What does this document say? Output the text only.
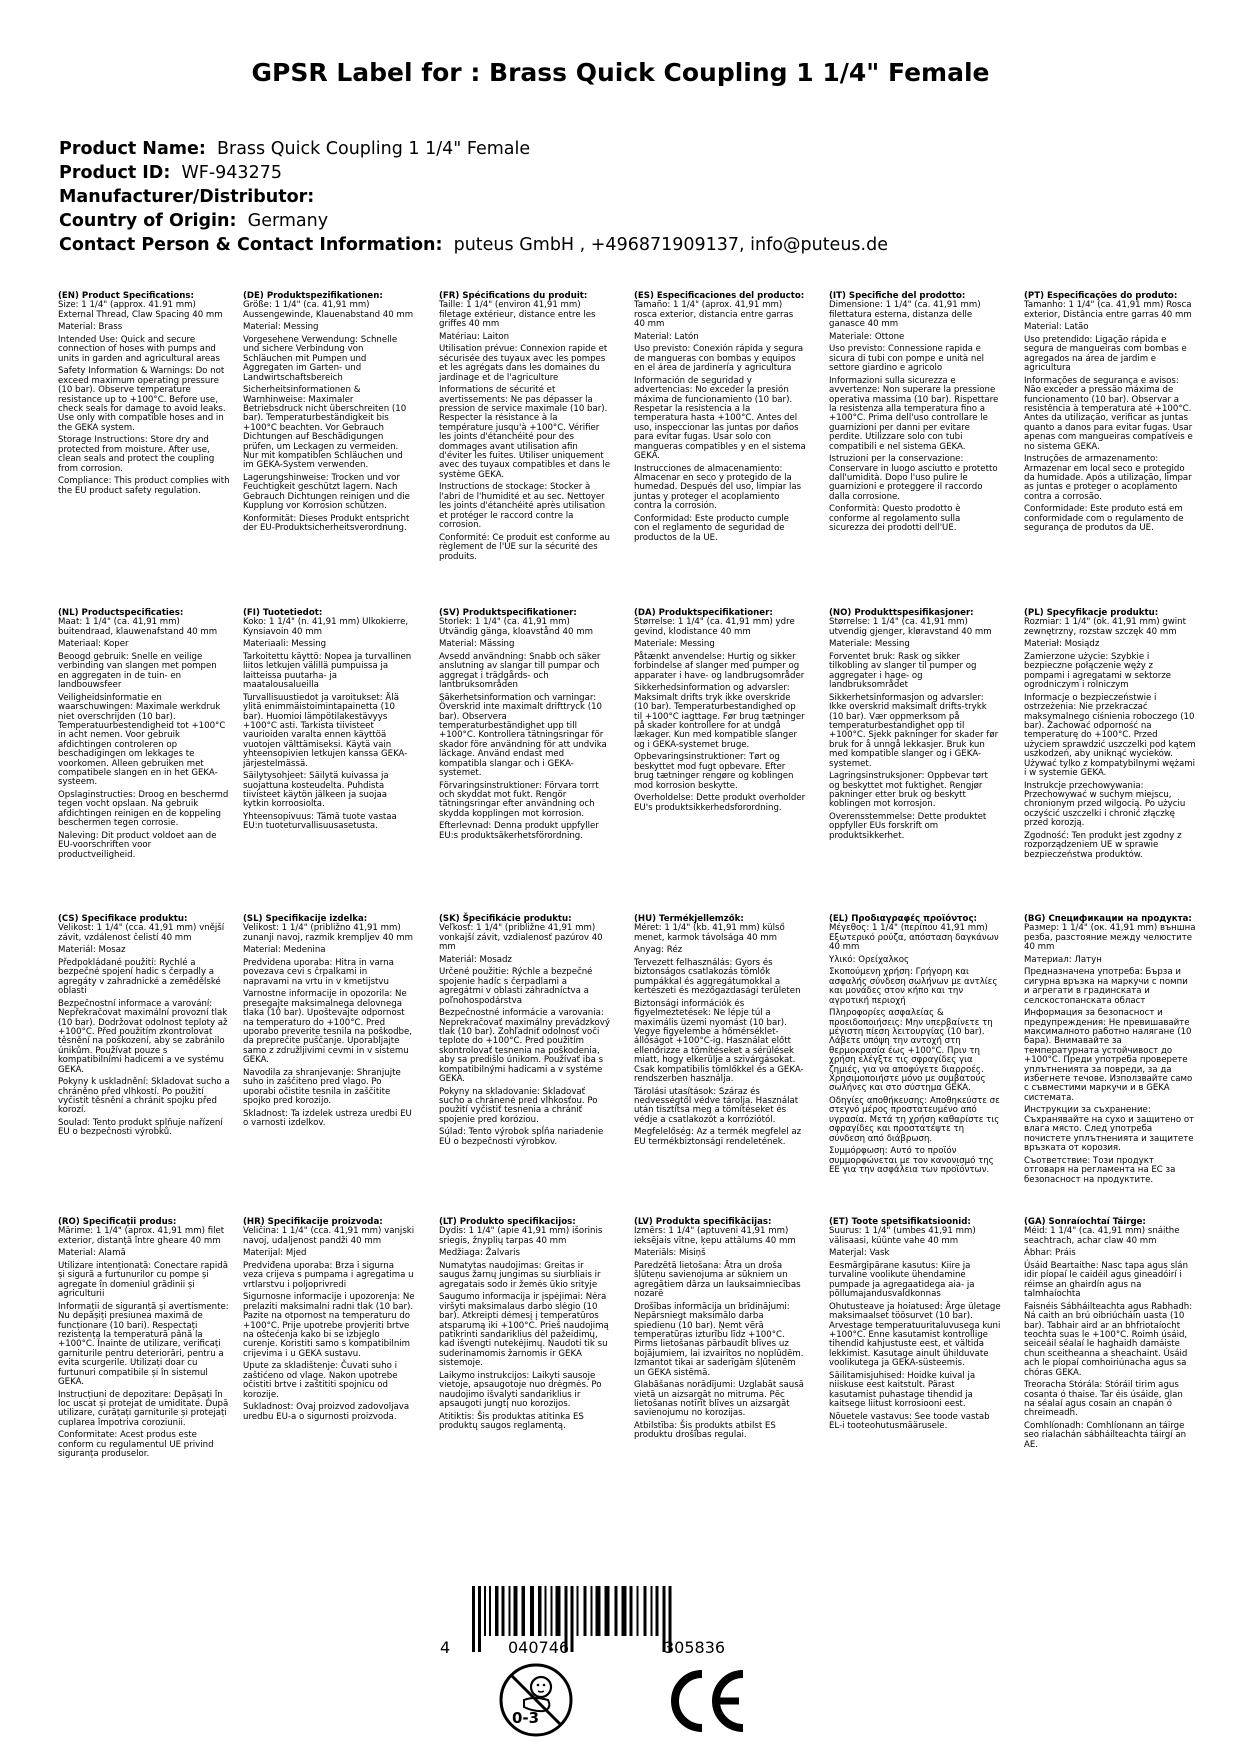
GPSR Label for : Brass Quick Coupling 1 1/4" Female
Product Name: Brass Quick Coupling 1 1/4" Female
Product ID: WF-943275
Manufacturer/Distributor:
Country of Origin: Germany
Contact Person & Contact Information: puteus GmbH , +496871909137, info@puteus.de
(EN) Product Specifications:

Size: 1 1/4" (approx. 41.91 mm) External Thread, Claw Spacing 40 mm

Material: Brass

Intended Use: Quick and secure connection of hoses with pumps and units in garden and agricultural areas

Safety Information & Warnings: Do not exceed maximum operating pressure (10 bar). Observe temperature resistance up to +100°C. Before use, check seals for damage to avoid leaks. Use only with compatible hoses and in the GEKA system.

Storage Instructions: Store dry and protected from moisture. After use, clean seals and protect the coupling from corrosion.

Compliance: This product complies with the EU product safety regulation.

(DE) Produktspezifikationen:

Größe: 1 1/4" (ca. 41,91 mm) Aussengewinde, Klauenabstand 40 mm

Material: Messing

Vorgesehene Verwendung: Schnelle und sichere Verbindung von Schläuchen mit Pumpen und Aggregaten im Garten- und Landwirtschaftsbereich

Sicherheitsinformationen & Warnhinweise: Maximaler Betriebsdruck nicht überschreiten (10 bar). Temperaturbeständigkeit bis +100°C beachten. Vor Gebrauch Dichtungen auf Beschädigungen prüfen, um Leckagen zu vermeiden. Nur mit kompatiblen Schläuchen und im GEKA-System verwenden.

Lagerungshinweise: Trocken und vor Feuchtigkeit geschützt lagern. Nach Gebrauch Dichtungen reinigen und die Kupplung vor Korrosion schützen.

Konformität: Dieses Produkt entspricht der EU-Produktsicherheitsverordnung.

(FR) Spécifications du produit:

Taille: 1 1/4" (environ 41,91 mm) filetage extérieur, distance entre les griffes 40 mm

Matériau: Laiton

Utilisation prévue: Connexion rapide et sécurisée des tuyaux avec les pompes et les agrégats dans les domaines du jardinage et de l'agriculture

Informations de sécurité et avertissements: Ne pas dépasser la pression de service maximale (10 bar). Respecter la résistance à la température jusqu'à +100°C. Vérifier les joints d'étanchéité pour des dommages avant utilisation afin d'éviter les fuites. Utiliser uniquement avec des tuyaux compatibles et dans le système GEKA.

Instructions de stockage: Stocker à l'abri de l'humidité et au sec. Nettoyer les joints d'étanchéité après utilisation et protéger le raccord contre la corrosion.

Conformité: Ce produit est conforme au règlement de l'UE sur la sécurité des produits.

(ES) Especificaciones del producto:

Tamaño: 1 1/4" (aprox. 41,91 mm) rosca exterior, distancia entre garras 40 mm

Material: Latón

Uso previsto: Conexión rápida y segura de mangueras con bombas y equipos en el área de jardinería y agricultura

Información de seguridad y advertencias: No exceder la presión máxima de funcionamiento (10 bar). Respetar la resistencia a la temperatura hasta +100°C. Antes del uso, inspeccionar las juntas por daños para evitar fugas. Usar solo con mangueras compatibles y en el sistema GEKA.

Instrucciones de almacenamiento: Almacenar en seco y protegido de la humedad. Después del uso, limpiar las juntas y proteger el acoplamiento contra la corrosión.

Conformidad: Este producto cumple con el reglamento de seguridad de productos de la UE.

(IT) Specifiche del prodotto:

Dimensione: 1 1/4" (ca. 41,91 mm) filettatura esterna, distanza delle ganasce 40 mm

Materiale: Ottone

Uso previsto: Connessione rapida e sicura di tubi con pompe e unità nel settore giardino e agricolo

Informazioni sulla sicurezza e avvertenze: Non superare la pressione operativa massima (10 bar). Rispettare la resistenza alla temperatura fino a +100°C. Prima dell'uso controllare le guarnizioni per danni per evitare perdite. Utilizzare solo con tubi compatibili e nel sistema GEKA.

Istruzioni per la conservazione: Conservare in luogo asciutto e protetto dall'umidità. Dopo l'uso pulire le guarnizioni e proteggere il raccordo dalla corrosione.

Conformità: Questo prodotto è conforme al regolamento sulla sicurezza dei prodotti dell'UE.

(PT) Especificações do produto:

Tamanho: 1 1/4" (ca. 41,91 mm) Rosca exterior, Distância entre garras 40 mm

Material: Latão

Uso pretendido: Ligação rápida e segura de mangueiras com bombas e agregados na área de jardim e agricultura

Informações de segurança e avisos: Não exceder a pressão máxima de funcionamento (10 bar). Observar a resistência à temperatura até +100°C. Antes da utilização, verificar as juntas quanto a danos para evitar fugas. Usar apenas com mangueiras compatíveis e no sistema GEKA.

Instruções de armazenamento: Armazenar em local seco e protegido da humidade. Após a utilização, limpar as juntas e proteger o acoplamento contra a corrosão.

Conformidade: Este produto está em conformidade com o regulamento de segurança de produtos da UE.

(NL) Productspecificaties:

Maat: 1 1/4" (ca. 41,91 mm) buitendraad, klauwenafstand 40 mm

Materiaal: Koper

Beoogd gebruik: Snelle en veilige verbinding van slangen met pompen en aggregaten in de tuin- en landbouwsfeer

Veiligheidsinformatie en waarschuwingen: Maximale werkdruk niet overschrijden (10 bar). Temperatuurbestendigheid tot +100°C in acht nemen. Voor gebruik afdichtingen controleren op beschadigingen om lekkages te voorkomen. Alleen gebruiken met compatibele slangen en in het GEKA-systeem.

Opslaginstructies: Droog en beschermd tegen vocht opslaan. Na gebruik afdichtingen reinigen en de koppeling beschermen tegen corrosie.

Naleving: Dit product voldoet aan de EU-voorschriften voor productveiligheid.

(FI) Tuotetiedot:

Koko: 1 1/4" (n. 41,91 mm) Ulkokierre, Kynsiavoin 40 mm

Materiaali: Messing

Tarkoitettu käyttö: Nopea ja turvallinen liitos letkujen välillä pumpuissa ja laitteissa puutarha- ja maatalousalueilla

Turvallisuustiedot ja varoitukset: Älä ylitä enimmäistoimintapainetta (10 bar). Huomioi lämpötilakestävyys +100°C asti. Tarkista tiivisteet vaurioiden varalta ennen käyttöä vuotojen välttämiseksi. Käytä vain yhteensopivien letkujen kanssa GEKA-järjestelmässä.

Säilytysohjeet: Säilytä kuivassa ja suojattuna kosteudelta. Puhdista tiivisteet käytön jälkeen ja suojaa kytkin korroosiolta.

Yhteensopivuus: Tämä tuote vastaa EU:n tuoteturvallisuusasetusta.

(SV) Produktspecifikationer:

Storlek: 1 1/4" (ca. 41,91 mm) Utvändig gänga, kloavstånd 40 mm

Material: Mässing

Avsedd användning: Snabb och säker anslutning av slangar till pumpar och aggregat i trädgårds- och lantbruksområden

Säkerhetsinformation och varningar: Överskrid inte maximalt drifttryck (10 bar). Observera temperaturbeständighet upp till +100°C. Kontrollera tätningsringar för skador före användning för att undvika läckage. Använd endast med kompatibla slangar och i GEKA-systemet.

Förvaringsinstruktioner: Förvara torrt och skyddat mot fukt. Rengör tätningsringar efter användning och skydda kopplingen mot korrosion.

Efterlevnad: Denna produkt uppfyller EU:s produktsäkerhetsförordning.

(DA) Produktspecifikationer:

Størrelse: 1 1/4" (ca. 41,91 mm) ydre gevind, klodistance 40 mm

Materiale: Messing

Påtænkt anvendelse: Hurtig og sikker forbindelse af slanger med pumper og apparater i have- og landbrugsområder

Sikkerhedsinformation og advarsler: Maksimalt drifts tryk ikke overskride (10 bar). Temperaturbestandighed op til +100°C iagttage. Før brug tætninger på skader kontrollere for at undgå lækager. Kun med kompatible slanger og i GEKA-systemet bruge.

Opbevaringsinstruktioner: Tørt og beskyttet mod fugt opbevare. Efter brug tætninger rengøre og koblingen mod korrosion beskytte.

Overholdelse: Dette produkt overholder EU's produktsikkerhedsforordning.

(NO) Produkttspesifikasjoner:

Størrelse: 1 1/4" (ca. 41,91 mm) utvendig gjenger, kløravstand 40 mm

Materiale: Messing

Forventet bruk: Rask og sikker tilkobling av slanger til pumper og aggregater i hage- og landbruksområdet

Sikkerhetsinformasjon og advarsler: Ikke overskrid maksimalt drifts-trykk (10 bar). Vær oppmerksom på temperaturbestandighet opp til +100°C. Sjekk pakninger for skader før bruk for å unngå lekkasjer. Bruk kun med kompatible slanger og i GEKA-systemet.

Lagringsinstruksjoner: Oppbevar tørt og beskyttet mot fuktighet. Rengjør pakninger etter bruk og beskytt koblingen mot korrosjon.

Overensstemmelse: Dette produktet oppfyller EUs forskrift om produktsikkerhet.

(PL) Specyfikacje produktu:

Rozmiar: 1 1/4" (ok. 41,91 mm) gwint zewnętrzny, rozstaw szczęk 40 mm

Materiał: Mosiądz

Zamierzone użycie: Szybkie i bezpieczne połączenie węży z pompami i agregatami w sektorze ogrodniczym i rolniczym

Informacje o bezpieczeństwie i ostrzeżenia: Nie przekraczać maksymalnego ciśnienia roboczego (10 bar). Zachować odporność na temperaturę do +100°C. Przed użyciem sprawdzić uszczelki pod kątem uszkodzeń, aby uniknąć wycieków. Używać tylko z kompatybilnymi wężami i w systemie GEKA.

Instrukcje przechowywania: Przechowywać w suchym miejscu, chronionym przed wilgocią. Po użyciu oczyścić uszczelki i chronić złączkę przed korozją.

Zgodność: Ten produkt jest zgodny z rozporządzeniem UE w sprawie bezpieczeństwa produktów.

(CS) Specifikace produktu:

Velikost: 1 1/4" (cca. 41,91 mm) vnější závit, vzdálenost čelistí 40 mm

Materiál: Mosaz

Předpokládané použití: Rychlé a bezpečné spojení hadic s čerpadly a agregáty v zahradnické a zemědělské oblasti

Bezpečnostní informace a varování: Nepřekračovat maximální provozní tlak (10 bar). Dodržovat odolnost teploty až +100°C. Před použitím zkontrolovat těsnění na poškození, aby se zabránilo únikům. Používat pouze s kompatibilními hadicemi a ve systému GEKA.

Pokyny k uskladnění: Skladovat sucho a chráněno před vlhkostí. Po použití vyčistit těsnění a chránit spojku před korozí.

Soulad: Tento produkt splňuje nařízení EU o bezpečnosti výrobků.

(SL) Specifikacije izdelka:

Velikost: 1 1/4" (približno 41,91 mm) zunanji navoj, razmik krempljev 40 mm

Material: Medenina

Predvidena uporaba: Hitra in varna povezava cevi s črpalkami in napravami na vrtu in v kmetijstvu

Varnostne informacije in opozorila: Ne presegajte maksimalnega delovnega tlaka (10 bar). Upoštevajte odpornost na temperaturo do +100°C. Pred uporabo preverite tesnila na poškodbe, da preprečite puščanje. Uporabljajte samo z združljivimi cevmi in v sistemu GEKA.

Navodila za shranjevanje: Shranjujte suho in zaščiteno pred vlago. Po uporabi očistite tesnila in zaščitite spojko pred korozijo.

Skladnost: Ta izdelek ustreza uredbi EU o varnosti izdelkov.

(SK) Špecifikácie produktu:

Veľkosť: 1 1/4" (približne 41,91 mm) vonkajší závit, vzdialenosť pazúrov 40 mm

Materiál: Mosadz

Určené použitie: Rýchle a bezpečné spojenie hadíc s čerpadlami a agregátmi v oblasti záhradníctva a poľnohospodárstva

Bezpečnostné informácie a varovania: Neprekračovať maximálny prevádzkový tlak (10 bar). Zohľadniť odolnosť voči teplote do +100°C. Pred použitím skontrolovať tesnenia na poškodenia, aby sa predišlo únikom. Používať iba s kompatibilnými hadicami a v systéme GEKA.

Pokyny na skladovanie: Skladovať sucho a chránené pred vlhkosťou. Po použití vyčistiť tesnenia a chrániť spojenie pred koróziou.

Súlad: Tento výrobok spĺňa nariadenie EÚ o bezpečnosti výrobkov.

(HU) Termékjellemzők:

Méret: 1 1/4" (kb. 41,91 mm) külső menet, karmok távolsága 40 mm

Anyag: Réz

Tervezett felhasználás: Gyors és biztonságos csatlakozás tömlők pumpákkal és aggregátumokkal a kertészeti és mezőgazdasági területen

Biztonsági információk és figyelmeztetések: Ne lépje túl a maximális üzemi nyomást (10 bar). Vegye figyelembe a hőmérséklet-állóságot +100°C-ig. Használat előtt ellenőrizze a tömítéseket a sérülések miatt, hogy elkerülje a szivárgásokat. Csak kompatibilis tömlőkkel és a GEKA-rendszerben használja.

Tárolási utasítások: Száraz és nedvességtől védve tárolja. Használat után tisztítsa meg a tömítéseket és védje a csatlakozót a korróziótól.

Megfelelőség: Az a termék megfelel az EU termékbiztonsági rendeletének.

(EL) Προδιαγραφές προϊόντος:

Μέγεθος: 1 1/4" (περίπου 41,91 mm) Εξωτερικό ρούζα, απόσταση δαγκάνων 40 mm

Υλικό: Ορείχαλκος

Σκοπούμενη χρήση: Γρήγορη και ασφαλής σύνδεση σωλήνων με αντλίες και μονάδες στον κήπο και την αγροτική περιοχή

Πληροφορίες ασφαλείας & προειδοποιήσεις: Μην υπερβαίνετε τη μέγιστη πίεση λειτουργίας (10 bar). Λάβετε υπόψη την αντοχή στη θερμοκρασία έως +100°C. Πριν τη χρήση ελέγξτε τις σφραγίδες για ζημιές, για να αποφύγετε διαρροές. Χρησιμοποιήστε μόνο με συμβατούς σωλήνες και στο σύστημα GEKA.

Οδηγίες αποθήκευσης: Αποθηκεύστε σε στεγνό μέρος προστατευμένο από υγρασία. Μετά τη χρήση καθαρίστε τις σφραγίδες και προστατέψτε τη σύνδεση από διάβρωση.

Συμμόρφωση: Αυτό το προϊόν συμμορφώνεται με τον κανονισμό της ΕΕ για την ασφάλεια των προϊόντων.

(BG) Спецификации на продукта:

Размер: 1 1/4" (ок. 41,91 mm) външна резба, разстояние между челюстите 40 mm

Материал: Латун

Предназначена употреба: Бърза и сигурна връзка на маркучи с помпи и агрегати в градинската и селскостопанската област

Информация за безопасност и предупреждения: Не превишавайте максималното работно налягане (10 бара). Внимавайте за температурната устойчивост до +100°C. Преди употреба проверете уплътненията за повреди, за да избегнете течове. Използвайте само с съвместими маркучи и в GEKA системата.

Инструкции за съхранение: Съхранявайте на сухо и защитено от влага място. След употреба почистете уплътненията и защитете връзката от корозия.

Съответствие: Този продукт отговаря на регламента на ЕС за безопасност на продуктите.

(RO) Specificații produs:

Mărime: 1 1/4" (aprox. 41,91 mm) filet exterior, distanță între gheare 40 mm

Material: Alamă

Utilizare intenționată: Conectare rapidă și sigură a furtunurilor cu pompe și agregate în domeniul grădinii și agriculturii

Informații de siguranță și avertismente: Nu depășiți presiunea maximă de funcționare (10 bari). Respectați rezistența la temperatură până la +100°C. Înainte de utilizare, verificați garniturile pentru deteriorări, pentru a evita scurgerile. Utilizați doar cu furtunuri compatibile și în sistemul GEKA.

Instrucțiuni de depozitare: Depășați în loc uscat și protejat de umiditate. După utilizare, curățați garniturile și protejați cuplarea împotriva coroziunii.

Conformitate: Acest produs este conform cu regulamentul UE privind siguranța produselor.

(HR) Specifikacije proizvoda:

Veličina: 1 1/4" (cca. 41,91 mm) vanjski navoj, udaljenost pandži 40 mm

Materijal: Mjed

Predviđena uporaba: Brza i sigurna veza crijeva s pumpama i agregatima u vrtlarstvu i poljoprivredi

Sigurnosne informacije i upozorenja: Ne prelaziti maksimalni radni tlak (10 bar). Pazite na otpornost na temperaturu do +100°C. Prije upotrebe provjeriti brtve na oštećenja kako bi se izbjeglo curenje. Koristiti samo s kompatibilnim crijevima i u GEKA sustavu.

Upute za skladištenje: Čuvati suho i zaštićeno od vlage. Nakon upotrebe očistiti brtve i zaštititi spojnicu od korozije.

Sukladnost: Ovaj proizvod zadovoljava uredbu EU-a o sigurnosti proizvoda.

(LT) Produkto specifikacijos:

Dydis: 1 1/4" (apie 41,91 mm) išorinis sriegis, žnyplių tarpas 40 mm

Medžiaga: Žalvaris

Numatytas naudojimas: Greitas ir saugus žarnų jungimas su siurbliais ir agregatais sodo ir žemės ūkio srityje

Saugumo informacija ir įspėjimai: Nėra viršyti maksimalaus darbo slėgio (10 bar). Atkreipti dėmesį į temperatūros atsparumą iki +100°C. Prieš naudojimą patikrinti sandariklius dėl pažeidimų, kad išvengti nutekėjimų. Naudoti tik su suderinamomis žarnomis ir GEKA sistemoje.

Laikymo instrukcijos: Laikyti sausoje vietoje, apsaugotoje nuo drėgmės. Po naudojimo išvalyti sandariklius ir apsaugoti jungtį nuo korozijos.

Atitiktis: Šis produktas atitinka ES produktų saugos reglamentą.

(LV) Produkta specifikācijas:

Izmērs: 1 1/4" (aptuveni 41,91 mm) ieksējais vītne, ķepu attālums 40 mm

Materiāls: Misiņš

Paredzētā lietošana: Ātra un droša šļūteņu savienojuma ar sūkniem un agregātiem dārza un lauksaimniecības nozarē

Drošības informācija un brīdinājumi: Nepārsniegt maksimālo darba spiedienu (10 bar). Ņemt vērā temperatūras izturību līdz +100°C. Pirms lietošanas pārbaudīt blīves uz bojājumiem, lai izvairītos no noplūdēm. Izmantot tikai ar saderīgām šļūtenēm un GEKA sistēmā.

Glabāšanas norādījumi: Uzglabāt sausā vietā un aizsargāt no mitruma. Pēc lietošanas notīrīt blīves un aizsargāt savienojumu no korozijas.

Atbilstība: Šis produkts atbilst ES produktu drošības regulai.

(ET) Toote spetsifikatsioonid:

Suurus: 1 1/4" (umbes 41,91 mm) välisaasi, küünte vahe 40 mm

Materjal: Vask

Eesmärgipärane kasutus: Kiire ja turvaline voolikute ühendamine pumpade ja agregaatidega aia- ja põllumajandusvaldkonnas

Ohutusteave ja hoiatused: Ärge ületage maksimaalset töösurvet (10 bar). Arvestage temperatuuritaluvusega kuni +100°C. Enne kasutamist kontrollige tihendid kahjustuste eest, et vältida lekkimist. Kasutage ainult ühilduvate voolikutega ja GEKA-süsteemis.

Säilitamisjuhised: Hoidke kuival ja niiskuse eest kaitstult. Pärast kasutamist puhastage tihendid ja kaitsege liitust korrosiooni eest.

Nõuetele vastavus: See toode vastab EL-i tooteohutusmäärusele.

(GA) Sonraíochtaí Táirge:

Méid: 1 1/4" (ca. 41,91 mm) snáithe seachtrach, achar claw 40 mm

Ábhar: Práis

Úsáid Beartaithe: Nasc tapa agus slán idir píopaí le caidéil agus gineadóirí i réimse an ghairdín agus na talmhaíochta

Faisnéis Sábháilteachta agus Rabhadh: Ná caith an brú oibriúcháin uasta (10 bar). Tabhair aird ar an bhfriotaíocht teochta suas le +100°C. Roimh úsáid, seiceáil séalaí le haghaidh damáiste chun sceitheanna a sheachaint. Úsáid ach le píopaí comhoiriúnacha agus sa chóras GEKA.

Treoracha Stórála: Stóráil tirim agus cosanta ó thaise. Tar éis úsáide, glan na séalaí agus cosain an cnapán ó chreimeadh.

Comhlíonadh: Comhlíonann an táirge seo rialachán sábháilteachta táirgí an AE.

4	040746	305836
0-3
